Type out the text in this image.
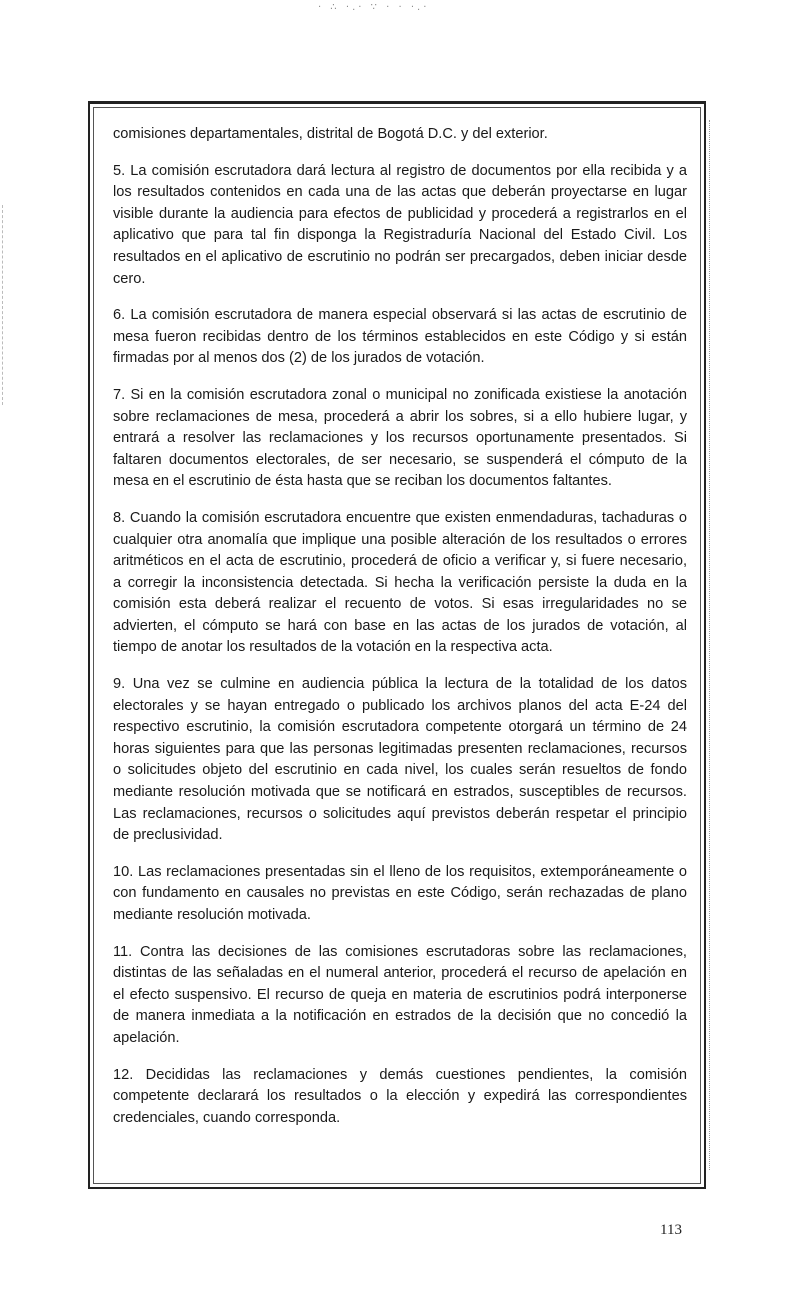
· ∴ ·.· ∵ · · ·.·

comisiones departamentales, distrital de Bogotá D.C. y del exterior.

5. La comisión escrutadora dará lectura al registro de documentos por ella recibida y a los resultados contenidos en cada una de las actas que deberán proyectarse en lugar visible durante la audiencia para efectos de publicidad y procederá a registrarlos en el aplicativo que para tal fin disponga la Registraduría Nacional del Estado Civil. Los resultados en el aplicativo de escrutinio no podrán ser precargados, deben iniciar desde cero.

6. La comisión escrutadora de manera especial observará si las actas de escrutinio de mesa fueron recibidas dentro de los términos establecidos en este Código y si están firmadas por al menos dos (2) de los jurados de votación.

7. Si en la comisión escrutadora zonal o municipal no zonificada existiese la anotación sobre reclamaciones de mesa, procederá a abrir los sobres, si a ello hubiere lugar, y entrará a resolver las reclamaciones y los recursos oportunamente presentados. Si faltaren documentos electorales, de ser necesario, se suspenderá el cómputo de la mesa en el escrutinio de ésta hasta que se reciban los documentos faltantes.

8. Cuando la comisión escrutadora encuentre que existen enmendaduras, tachaduras o cualquier otra anomalía que implique una posible alteración de los resultados o errores aritméticos en el acta de escrutinio, procederá de oficio a verificar y, si fuere necesario, a corregir la inconsistencia detectada. Si hecha la verificación persiste la duda en la comisión esta deberá realizar el recuento de votos. Si esas irregularidades no se advierten, el cómputo se hará con base en las actas de los jurados de votación, al tiempo de anotar los resultados de la votación en la respectiva acta.

9. Una vez se culmine en audiencia pública la lectura de la totalidad de los datos electorales y se hayan entregado o publicado los archivos planos del acta E-24 del respectivo escrutinio, la comisión escrutadora competente otorgará un término de 24 horas siguientes para que las personas legitimadas presenten reclamaciones, recursos o solicitudes objeto del escrutinio en cada nivel, los cuales serán resueltos de fondo mediante resolución motivada que se notificará en estrados, susceptibles de recursos. Las reclamaciones, recursos o solicitudes aquí previstos deberán respetar el principio de preclusividad.

10. Las reclamaciones presentadas sin el lleno de los requisitos, extemporáneamente o con fundamento en causales no previstas en este Código, serán rechazadas de plano mediante resolución motivada.

11. Contra las decisiones de las comisiones escrutadoras sobre las reclamaciones, distintas de las señaladas en el numeral anterior, procederá el recurso de apelación en el efecto suspensivo. El recurso de queja en materia de escrutinios podrá interponerse de manera inmediata a la notificación en estrados de la decisión que no concedió la apelación.

12. Decididas las reclamaciones y demás cuestiones pendientes, la comisión competente declarará los resultados o la elección y expedirá las correspondientes credenciales, cuando corresponda.

113
